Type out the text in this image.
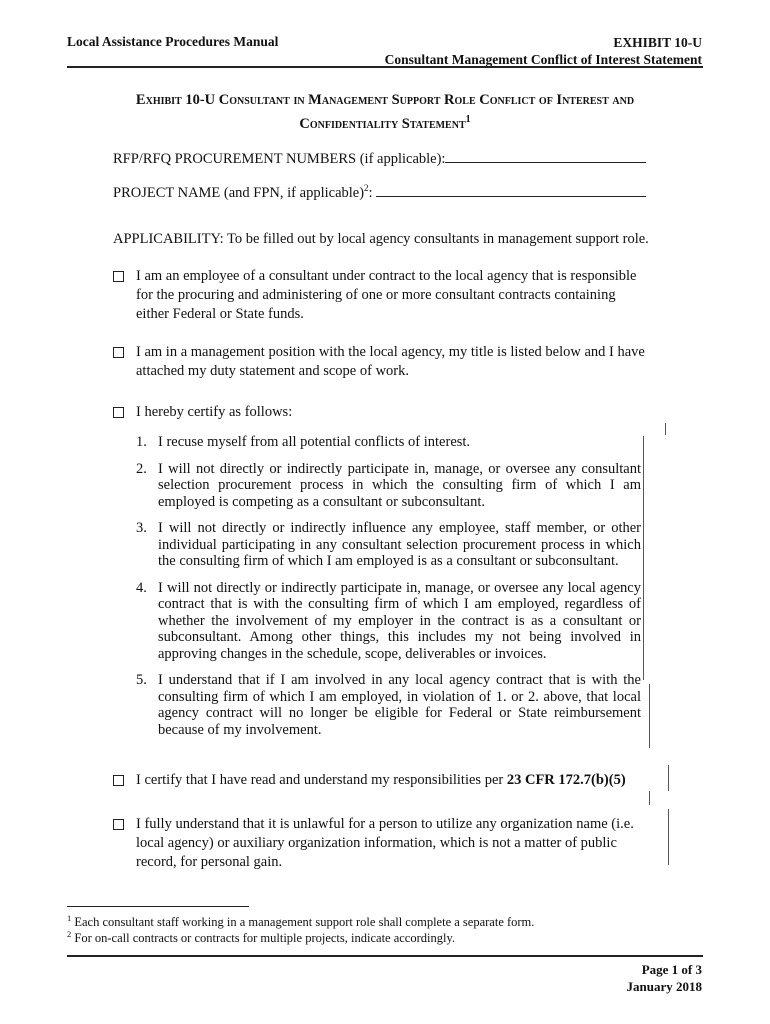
Local Assistance Procedures Manual	EXHIBIT 10-U
Consultant Management Conflict of Interest Statement
Exhibit 10-U Consultant in Management Support Role Conflict of Interest and
Confidentiality Statement$^1$
RFP/RFQ PROCUREMENT NUMBERS (if applicable):
PROJECT NAME (and FPN, if applicable)$^2$:
APPLICABILITY: To be filled out by local agency consultants in management support role.
I am an employee of a consultant under contract to the local agency that is responsible for the procuring and administering of one or more consultant contracts containing either Federal or State funds.
I am in a management position with the local agency, my title is listed below and I have attached my duty statement and scope of work.
I hereby certify as follows:
1. I recuse myself from all potential conflicts of interest.
2. I will not directly or indirectly participate in, manage, or oversee any consultant selection procurement process in which the consulting firm of which I am employed is competing as a consultant or subconsultant.
3. I will not directly or indirectly influence any employee, staff member, or other individual participating in any consultant selection procurement process in which the consulting firm of which I am employed is as a consultant or subconsultant.
4. I will not directly or indirectly participate in, manage, or oversee any local agency contract that is with the consulting firm of which I am employed, regardless of whether the involvement of my employer in the contract is as a consultant or subconsultant. Among other things, this includes my not being involved in approving changes in the schedule, scope, deliverables or invoices.
5. I understand that if I am involved in any local agency contract that is with the consulting firm of which I am employed, in violation of 1. or 2. above, that local agency contract will no longer be eligible for Federal or State reimbursement because of my involvement.
I certify that I have read and understand my responsibilities per 23 CFR 172.7(b)(5)
I fully understand that it is unlawful for a person to utilize any organization name (i.e. local agency) or auxiliary organization information, which is not a matter of public record, for personal gain.
$^1$ Each consultant staff working in a management support role shall complete a separate form.
$^2$ For on-call contracts or contracts for multiple projects, indicate accordingly.
Page 1 of 3
January 2018
